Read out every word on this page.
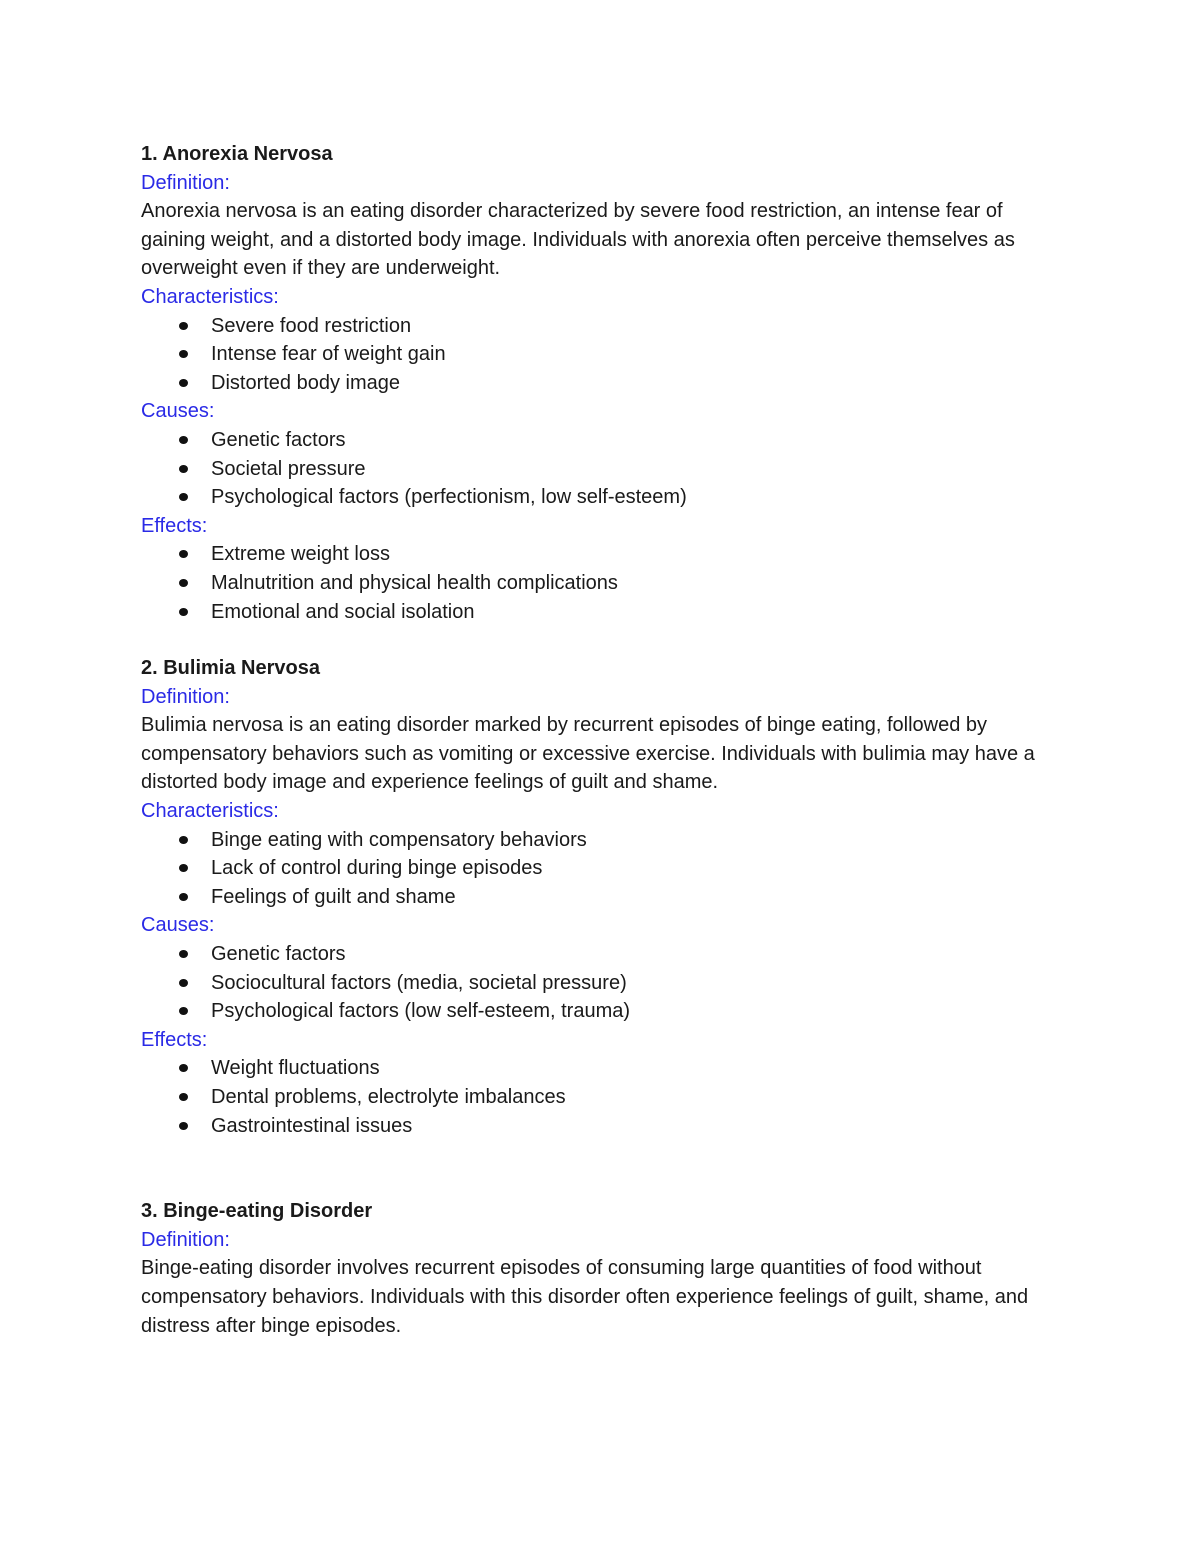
1. Anorexia Nervosa

Definition:

Anorexia nervosa is an eating disorder characterized by severe food restriction, an intense fear of gaining weight, and a distorted body image. Individuals with anorexia often perceive themselves as overweight even if they are underweight.

Characteristics:

Severe food restriction
Intense fear of weight gain
Distorted body image

Causes:

Genetic factors
Societal pressure
Psychological factors (perfectionism, low self-esteem)

Effects:

Extreme weight loss
Malnutrition and physical health complications
Emotional and social isolation

2. Bulimia Nervosa

Definition:

Bulimia nervosa is an eating disorder marked by recurrent episodes of binge eating, followed by compensatory behaviors such as vomiting or excessive exercise. Individuals with bulimia may have a distorted body image and experience feelings of guilt and shame.

Characteristics:

Binge eating with compensatory behaviors
Lack of control during binge episodes
Feelings of guilt and shame

Causes:

Genetic factors
Sociocultural factors (media, societal pressure)
Psychological factors (low self-esteem, trauma)

Effects:

Weight fluctuations
Dental problems, electrolyte imbalances
Gastrointestinal issues

3. Binge-eating Disorder

Definition:

Binge-eating disorder involves recurrent episodes of consuming large quantities of food without compensatory behaviors. Individuals with this disorder often experience feelings of guilt, shame, and distress after binge episodes.
